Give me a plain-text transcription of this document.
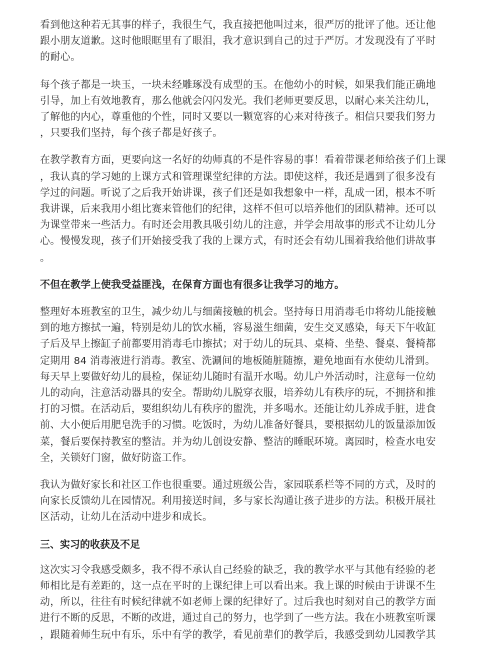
看到他这种若无其事的样子，我很生气，我直接把他叫过来，很严厉的批评了他。还让他
跟小朋友道歉。这时他眼眶里有了眼泪，我才意识到自己的过于严厉。才发现没有了平时
的耐心。
每个孩子都是一块玉，一块未经雕琢没有成型的玉。在他幼小的时候，如果我们能正确地
引导，加上有效地教育，那么他就会闪闪发光。我们老师更要反思，以耐心来关注幼儿，
了解他的内心，尊重他的个性，同时又要以一颗宽容的心来对待孩子。相信只要我们努力
，只要我们坚持，每个孩子都是好孩子。
在教学教育方面，更要向这一名好的幼师真的不是件容易的事！看着带课老师给孩子们上课
，我认真的学习她的上课方式和管理课堂纪律的方法。即使这样，我还是遇到了很多没有
学过的问题。听说了之后我开始讲课，孩子们还是如我想象中一样，乱成一团，根本不听
我讲课，后来我用小组比赛来管他们的纪律，这样不但可以培养他们的团队精神。还可以
为课堂带来一些活力。有时还会用教具吸引幼儿的注意，并学会用故事的形式不让幼儿分
心。慢慢发现，孩子们开始接受我了我的上课方式，有时还会有幼儿围着我给他们讲故事
。
不但在教学上使我受益匪浅，在保育方面也有很多让我学习的地方。
整理好本班教室的卫生，减少幼儿与细菌接触的机会。坚持每日用消毒毛巾将幼儿能接触
到的地方擦拭一遍，特别是幼儿的饮水桶，容易滋生细菌，安生交叉感染，每天下午收缸
子后及早上擦缸子前都要用消毒毛巾擦拭；对于幼儿的玩具、桌椅、坐垫、餐桌、餐椅都
定期用 84 消毒液进行消毒。教室、洗涮间的地板随脏随擦，避免地面有水使幼儿滑到。
每天早上要做好幼儿的晨检，保证幼儿随时有温开水喝。幼儿户外活动时，注意每一位幼
儿的动向，注意活动器具的安全。帮助幼儿脱穿衣服，培养幼儿有秩序的玩，不拥挤和推
打的习惯。在活动后，要组织幼儿有秩序的盥洗，并多喝水。还能让幼儿养成手脏，进食
前、大小便后用肥皂洗手的习惯。吃饭时，为幼儿准备好餐具，要根据幼儿的饭量添加饭
菜，餐后要保持教室的整洁。并为幼儿创设安静、整洁的睡眠环境。离园时，检查水电安
全，关锁好门窗，做好防盗工作。
我认为做好家长和社区工作也很重要。通过班级公告，家园联系栏等不同的方式，及时的
向家长反馈幼儿在园情况。利用接送时间，多与家长沟通让孩子进步的方法。积极开展社
区活动，让幼儿在活动中进步和成长。
三、实习的收获及不足
这次实习令我感受颇多，我不得不承认自己经验的缺乏，我的教学水平与其他有经验的老
师相比是有差距的，这一点在平时的上课纪律上可以看出来。我上课的时候由于讲课不生
动，所以，往往有时候纪律就不如老师上课的纪律好了。过后我也时刻对自己的教学方面
进行不断的反思，不断的改进，通过自己的努力，也学到了一些方法。我在小班教室听课
，跟随着师生玩中有乐，乐中有学的教学，看见前辈们的教学后，我感受到幼儿园教学其
